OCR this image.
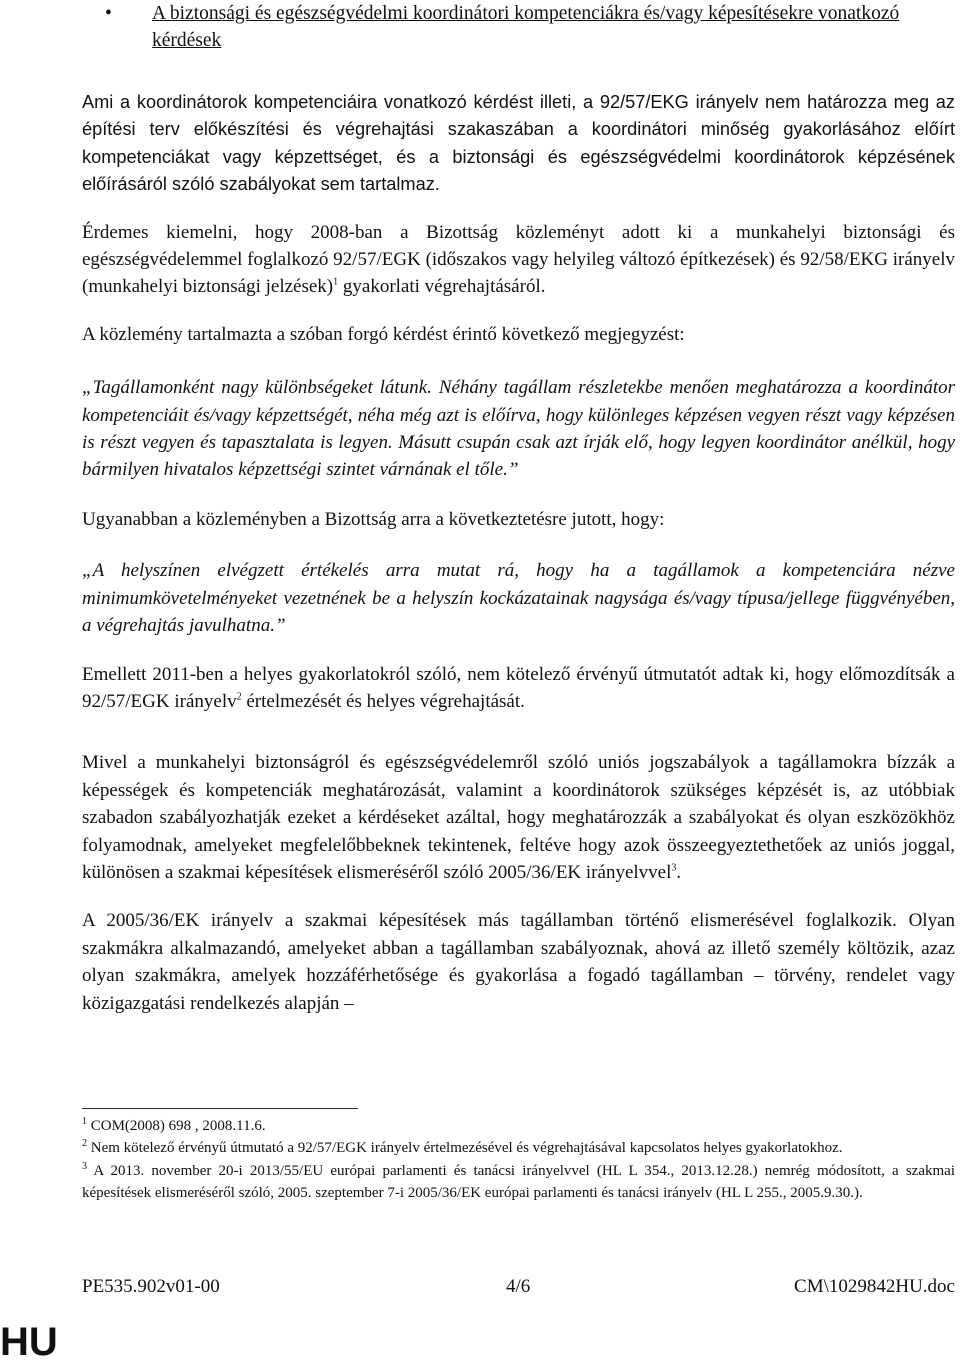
• A biztonsági és egészségvédelmi koordinátori kompetenciákra és/vagy képesítésekre vonatkozó kérdések

Ami a koordinátorok kompetenciáira vonatkozó kérdést illeti, a 92/57/EKG irányelv nem határozza meg az építési terv előkészítési és végrehajtási szakaszában a koordinátori minőség gyakorlásához előírt kompetenciákat vagy képzettséget, és a biztonsági és egészségvédelmi koordinátorok képzésének előírásáról szóló szabályokat sem tartalmaz.

Érdemes kiemelni, hogy 2008-ban a Bizottság közleményt adott ki a munkahelyi biztonsági és egészségvédelemmel foglalkozó 92/57/EGK (időszakos vagy helyileg változó építkezések) és 92/58/EKG irányelv (munkahelyi biztonsági jelzések)$^1$ gyakorlati végrehajtásáról.

A közlemény tartalmazta a szóban forgó kérdést érintő következő megjegyzést:

„Tagállamonként nagy különbségeket látunk. Néhány tagállam részletekbe menően meghatározza a koordinátor kompetenciáit és/vagy képzettségét, néha még azt is előírva, hogy különleges képzésen vegyen részt vagy képzésen is részt vegyen és tapasztalata is legyen. Másutt csupán csak azt írják elő, hogy legyen koordinátor anélkül, hogy bármilyen hivatalos képzettségi szintet várnának el tőle.”

Ugyanabban a közleményben a Bizottság arra a következtetésre jutott, hogy:

„A helyszínen elvégzett értékelés arra mutat rá, hogy ha a tagállamok a kompetenciára nézve minimumkövetelményeket vezetnének be a helyszín kockázatainak nagysága és/vagy típusa/jellege függvényében, a végrehajtás javulhatna.”

Emellett 2011-ben a helyes gyakorlatokról szóló, nem kötelező érvényű útmutatót adtak ki, hogy előmozdítsák a 92/57/EGK irányelv$^2$ értelmezését és helyes végrehajtását.

Mivel a munkahelyi biztonságról és egészségvédelemről szóló uniós jogszabályok a tagállamokra bízzák a képességek és kompetenciák meghatározását, valamint a koordinátorok szükséges képzését is, az utóbbiak szabadon szabályozhatják ezeket a kérdéseket azáltal, hogy meghatározzák a szabályokat és olyan eszközökhöz folyamodnak, amelyeket megfelelőbbeknek tekintenek, feltéve hogy azok összeegyeztethetőek az uniós joggal, különösen a szakmai képesítések elismeréséről szóló 2005/36/EK irányelvvel$^3$.

A 2005/36/EK irányelv a szakmai képesítések más tagállamban történő elismerésével foglalkozik. Olyan szakmákra alkalmazandó, amelyeket abban a tagállamban szabályoznak, ahová az illető személy költözik, azaz olyan szakmákra, amelyek hozzáférhetősége és gyakorlása a fogadó tagállamban – törvény, rendelet vagy közigazgatási rendelkezés alapján –

$^1$ COM(2008) 698 , 2008.11.6.
$^2$ Nem kötelező érvényű útmutató a 92/57/EGK irányelv értelmezésével és végrehajtásával kapcsolatos helyes gyakorlatokhoz.
$^3$ A 2013. november 20-i 2013/55/EU európai parlamenti és tanácsi irányelvvel (HL L 354., 2013.12.28.) nemrég módosított, a szakmai képesítések elismeréséről szóló, 2005. szeptember 7-i 2005/36/EK európai parlamenti és tanácsi irányelv (HL L 255., 2005.9.30.).
PE535.902v01-00	4/6	CM\1029842HU.doc
HU
